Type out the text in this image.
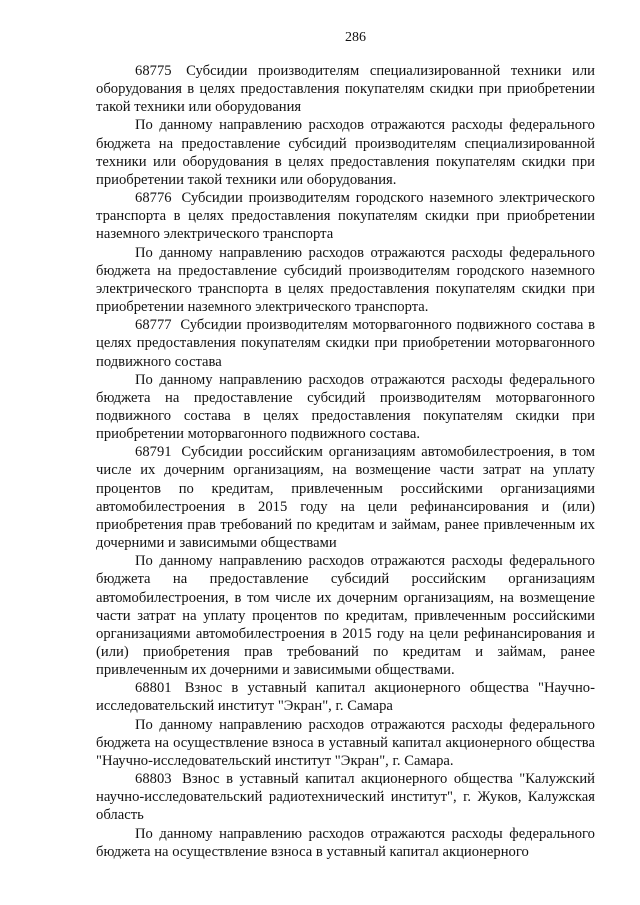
286

68775 Субсидии производителям специализированной техники или оборудования в целях предоставления покупателям скидки при приобретении такой техники или оборудования

По данному направлению расходов отражаются расходы федерального бюджета на предоставление субсидий производителям специализированной техники или оборудования в целях предоставления покупателям скидки при приобретении такой техники или оборудования.

68776 Субсидии производителям городского наземного электрического транспорта в целях предоставления покупателям скидки при приобретении наземного электрического транспорта

По данному направлению расходов отражаются расходы федерального бюджета на предоставление субсидий производителям городского наземного электрического транспорта в целях предоставления покупателям скидки при приобретении наземного электрического транспорта.

68777 Субсидии производителям моторвагонного подвижного состава в целях предоставления покупателям скидки при приобретении моторвагонного подвижного состава

По данному направлению расходов отражаются расходы федерального бюджета на предоставление субсидий производителям моторвагонного подвижного состава в целях предоставления покупателям скидки при приобретении моторвагонного подвижного состава.

68791 Субсидии российским организациям автомобилестроения, в том числе их дочерним организациям, на возмещение части затрат на уплату процентов по кредитам, привлеченным российскими организациями автомобилестроения в 2015 году на цели рефинансирования и (или) приобретения прав требований по кредитам и займам, ранее привлеченным их дочерними и зависимыми обществами

По данному направлению расходов отражаются расходы федерального бюджета на предоставление субсидий российским организациям автомобилестроения, в том числе их дочерним организациям, на возмещение части затрат на уплату процентов по кредитам, привлеченным российскими организациями автомобилестроения в 2015 году на цели рефинансирования и (или) приобретения прав требований по кредитам и займам, ранее привлеченным их дочерними и зависимыми обществами.

68801 Взнос в уставный капитал акционерного общества "Научно-исследовательский институт "Экран", г. Самара

По данному направлению расходов отражаются расходы федерального бюджета на осуществление взноса в уставный капитал акционерного общества "Научно-исследовательский институт "Экран", г. Самара.

68803 Взнос в уставный капитал акционерного общества "Калужский научно-исследовательский радиотехнический институт", г. Жуков, Калужская область

По данному направлению расходов отражаются расходы федерального бюджета на осуществление взноса в уставный капитал акционерного
